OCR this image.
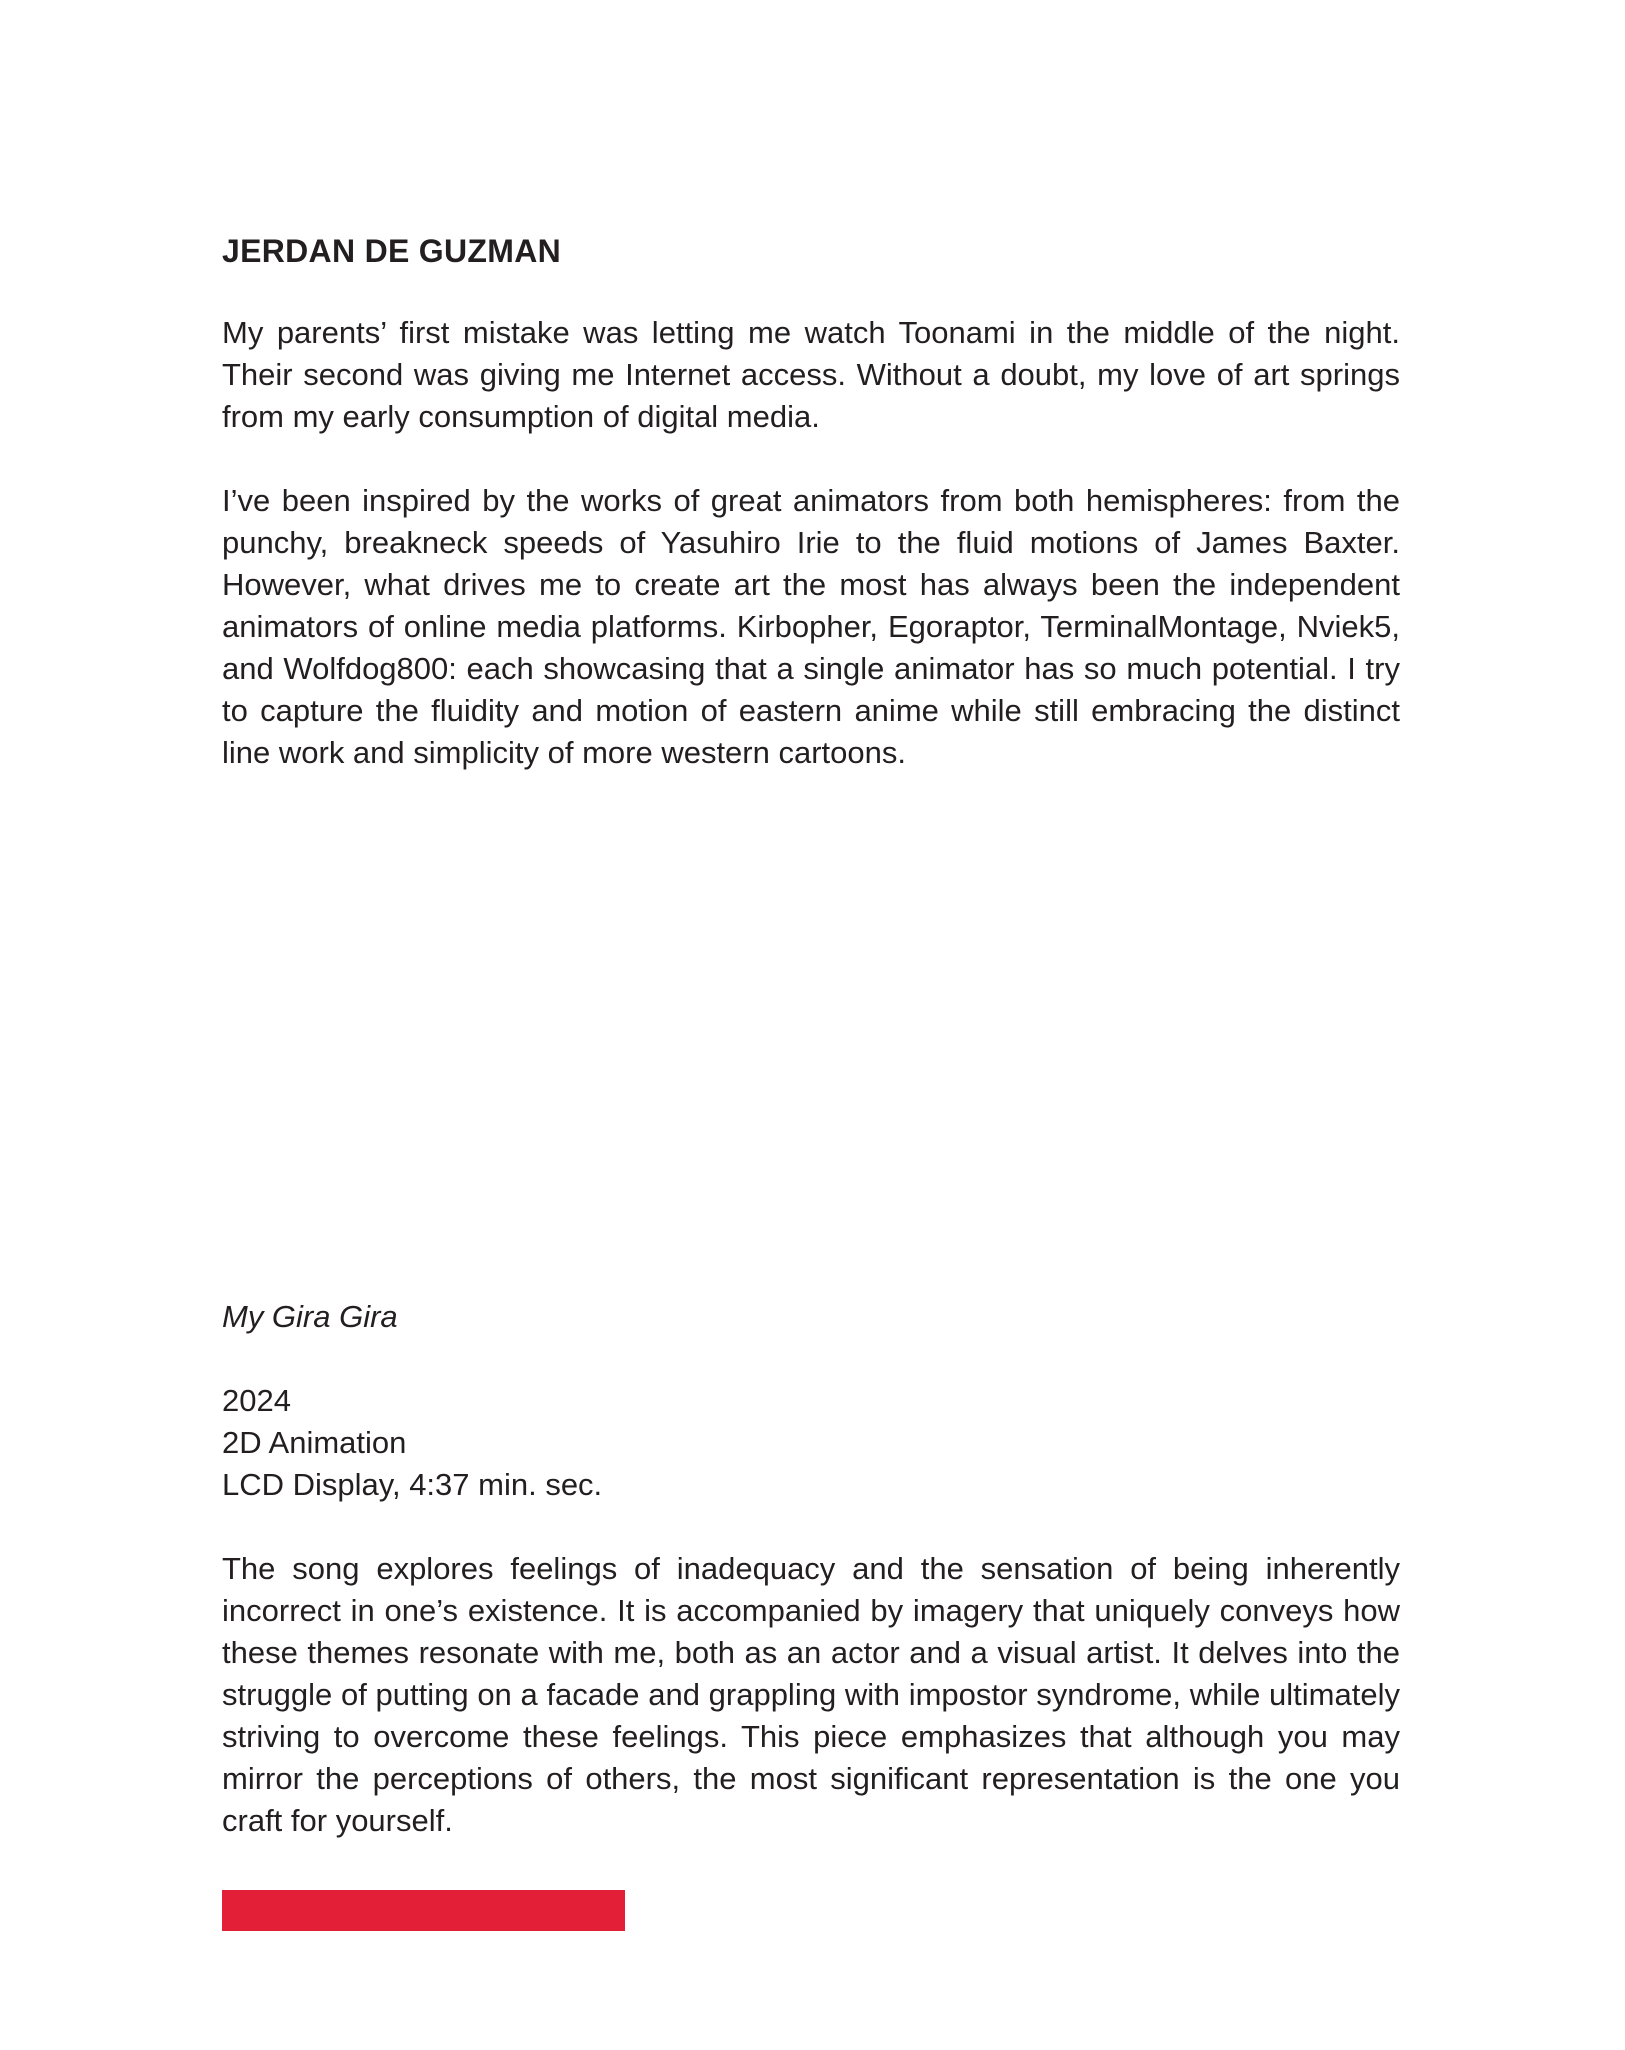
JERDAN DE GUZMAN

My parents’ first mistake was letting me watch Toonami in the middle of the night. Their second was giving me Internet access. Without a doubt, my love of art springs from my early consumption of digital media.

I’ve been inspired by the works of great animators from both hemispheres: from the punchy, breakneck speeds of Yasuhiro Irie to the fluid motions of James Baxter. However, what drives me to create art the most has always been the independent animators of online media platforms. Kirbopher, Egoraptor, TerminalMontage, Nviek5, and Wolfdog800: each showcasing that a single animator has so much potential. I try to capture the fluidity and motion of eastern anime while still embracing the distinct line work and simplicity of more western cartoons.

My Gira Gira

2024
2D Animation
LCD Display, 4:37 min. sec.

The song explores feelings of inadequacy and the sensation of being inherently incorrect in one’s existence. It is accompanied by imagery that uniquely conveys how these themes resonate with me, both as an actor and a visual artist. It delves into the struggle of putting on a facade and grappling with impostor syndrome, while ultimately striving to overcome these feelings. This piece emphasizes that although you may mirror the perceptions of others, the most significant representation is the one you craft for yourself.
